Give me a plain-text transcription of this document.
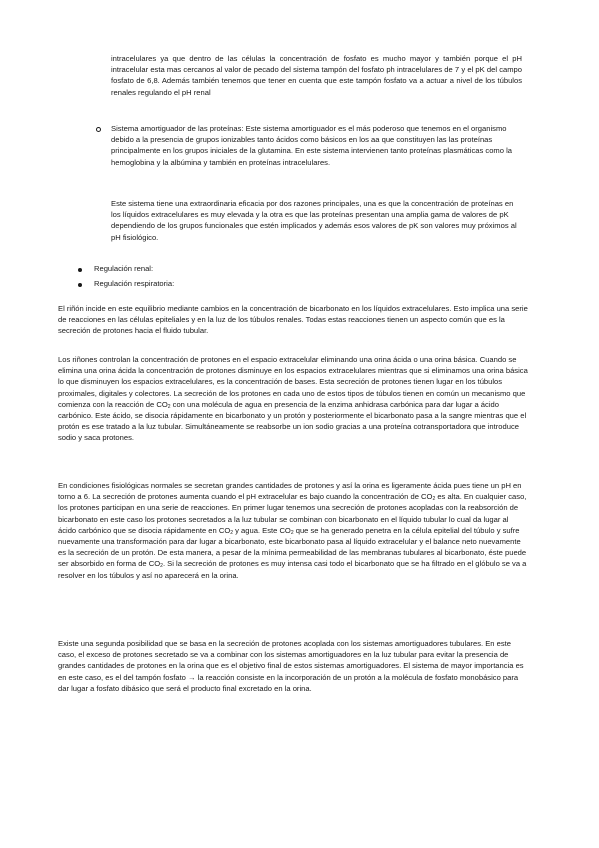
intracelulares ya que dentro de las células la concentración de fosfato es mucho mayor y también porque el pH intracelular esta mas cercanos al valor de pecado del sistema tampón del fosfato ph intracelulares de 7 y el pK del campo fosfato de 6,8. Además también tenemos que tener en cuenta que este tampón fosfato va a actuar a nivel de los túbulos renales regulando el pH renal

Sistema amortiguador de las proteínas: Este sistema amortiguador es el más poderoso que tenemos en el organismo debido a la presencia de grupos ionizables tanto ácidos como básicos en los aa que constituyen las las proteínas principalmente en los grupos iniciales de la glutamina. En este sistema intervienen tanto proteínas plasmáticas como la hemoglobina y la albúmina y también en proteínas intracelulares.

Este sistema tiene una extraordinaria eficacia por dos razones principales, una es que la concentración de proteínas en los líquidos extracelulares es muy elevada y la otra es que las proteínas presentan una amplia gama de valores de pK dependiendo de los grupos funcionales que estén implicados y además esos valores de pK son valores muy próximos al pH fisiológico.

Regulación renal:

Regulación respiratoria:

El riñón incide en este equilibrio mediante cambios en la concentración de bicarbonato en los líquidos extracelulares. Esto implica una serie de reacciones en las células epiteliales y en la luz de los túbulos renales. Todas estas reacciones tienen un aspecto común que es la secreción de protones hacia el fluido tubular.

Los riñones controlan la concentración de protones en el espacio extracelular eliminando una orina ácida o una orina básica. Cuando se elimina una orina ácida la concentración de protones disminuye en los espacios extracelulares mientras que si eliminamos una orina básica lo que disminuyen los espacios extracelulares, es la concentración de bases. Esta secreción de protones tienen lugar en los túbulos proximales, digitales y colectores. La secreción de los protones en cada uno de estos tipos de túbulos tienen en común un mecanismo que comienza con la reacción de $CO_2$ con una molécula de agua en presencia de la enzima anhidrasa carbónica para dar lugar a ácido carbónico. Este ácido, se disocia rápidamente en bicarbonato y un protón y posteriormente el bicarbonato pasa a la sangre mientras que el protón es ese tratado a la luz tubular. Simultáneamente se reabsorbe un ion sodio gracias a una proteína cotransportadora que introduce sodio y saca protones.

En condiciones fisiológicas normales se secretan grandes cantidades de protones y así la orina es ligeramente ácida pues tiene un pH en torno a 6. La secreción de protones aumenta cuando el pH extracelular es bajo cuando la concentración de $CO_2$ es alta. En cualquier caso, los protones participan en una serie de reacciones. En primer lugar tenemos una secreción de protones acopladas con la reabsorción de bicarbonato en este caso los protones secretados a la luz tubular se combinan con bicarbonato en el líquido tubular lo cual da lugar al ácido carbónico que se disocia rápidamente en $CO_2$ y agua. Este $CO_2$ que se ha generado penetra en la célula epitelial del túbulo y sufre nuevamente una transformación para dar lugar a bicarbonato, este bicarbonato pasa al líquido extracelular y el balance neto nuevamente es la secreción de un protón. De esta manera, a pesar de la mínima permeabilidad de las membranas tubulares al bicarbonato, éste puede ser absorbido en forma de $CO_2$. Si la secreción de protones es muy intensa casi todo el bicarbonato que se ha filtrado en el glóbulo se va a resolver en los túbulos y así no aparecerá en la orina.

Existe una segunda posibilidad que se basa en la secreción de protones acoplada con los sistemas amortiguadores tubulares. En este caso, el exceso de protones secretado se va a combinar con los sistemas amortiguadores en la luz tubular para evitar la presencia de grandes cantidades de protones en la orina que es el objetivo final de estos sistemas amortiguadores. El sistema de mayor importancia es en este caso, es el del tampón fosfato → la reacción consiste en la incorporación de un protón a la molécula de fosfato monobásico para dar lugar a fosfato dibásico que será el producto final excretado en la orina.
